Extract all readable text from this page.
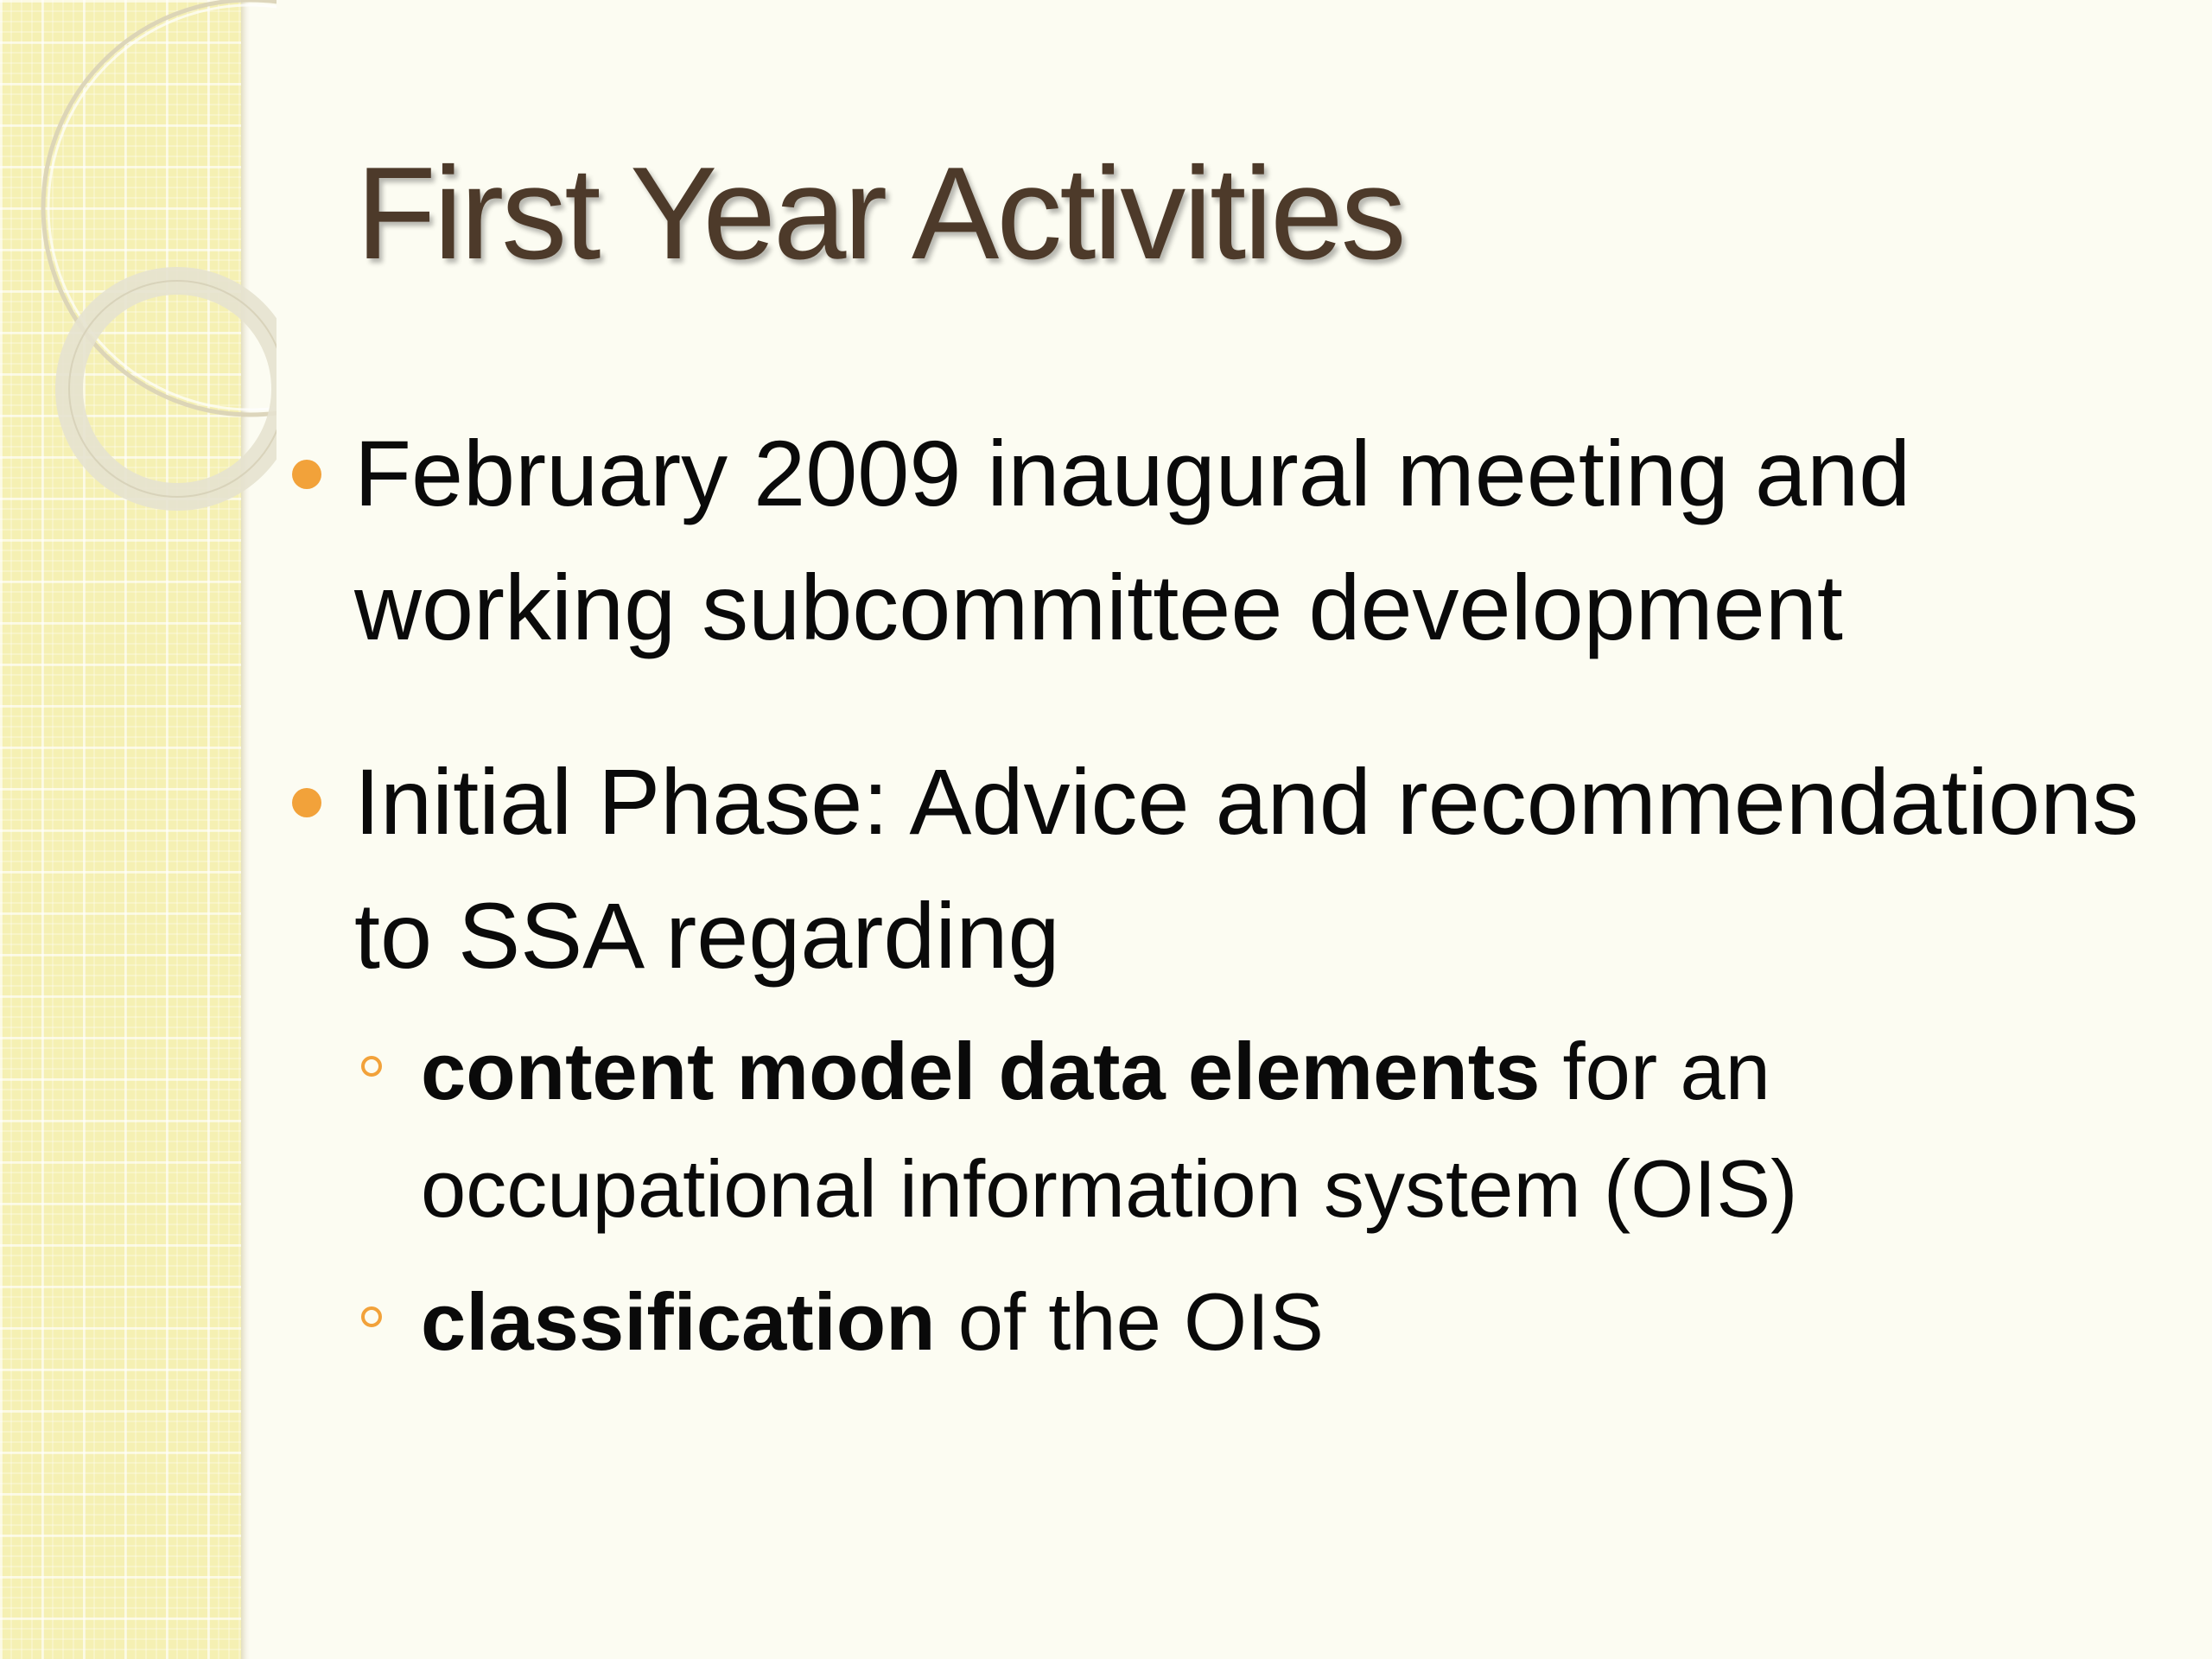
First Year Activities
February 2009 inaugural meeting and working subcommittee development
Initial Phase: Advice and recommendations to SSA regarding
content model data elements for an occupational information system (OIS)
classification of the OIS
